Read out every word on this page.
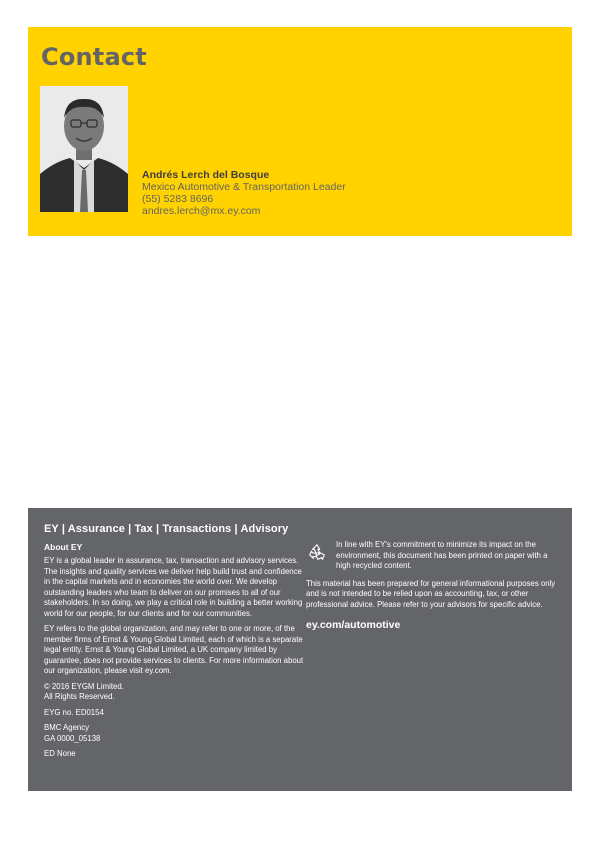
Contact
Andrés Lerch del Bosque
Mexico Automotive & Transportation Leader
(55) 5283 8696
andres.lerch@mx.ey.com
EY | Assurance | Tax | Transactions | Advisory
About EY

EY is a global leader in assurance, tax, transaction and advisory services. The insights and quality services we deliver help build trust and confidence in the capital markets and in economies the world over. We develop outstanding leaders who team to deliver on our promises to all of our stakeholders. In so doing, we play a critical role in building a better working world for our people, for our clients and for our communities.

EY refers to the global organization, and may refer to one or more, of the member firms of Ernst & Young Global Limited, each of which is a separate legal entity. Ernst & Young Global Limited, a UK company limited by guarantee, does not provide services to clients. For more information about our organization, please visit ey.com.

© 2016 EYGM Limited.
All Rights Reserved.

EYG no. ED0154

BMC Agency
GA 0000_05138

ED None

In line with EY's commitment to minimize its impact on the environment, this document has been printed on paper with a high recycled content.

This material has been prepared for general informational purposes only and is not intended to be relied upon as accounting, tax, or other professional advice. Please refer to your advisors for specific advice.

ey.com/automotive
